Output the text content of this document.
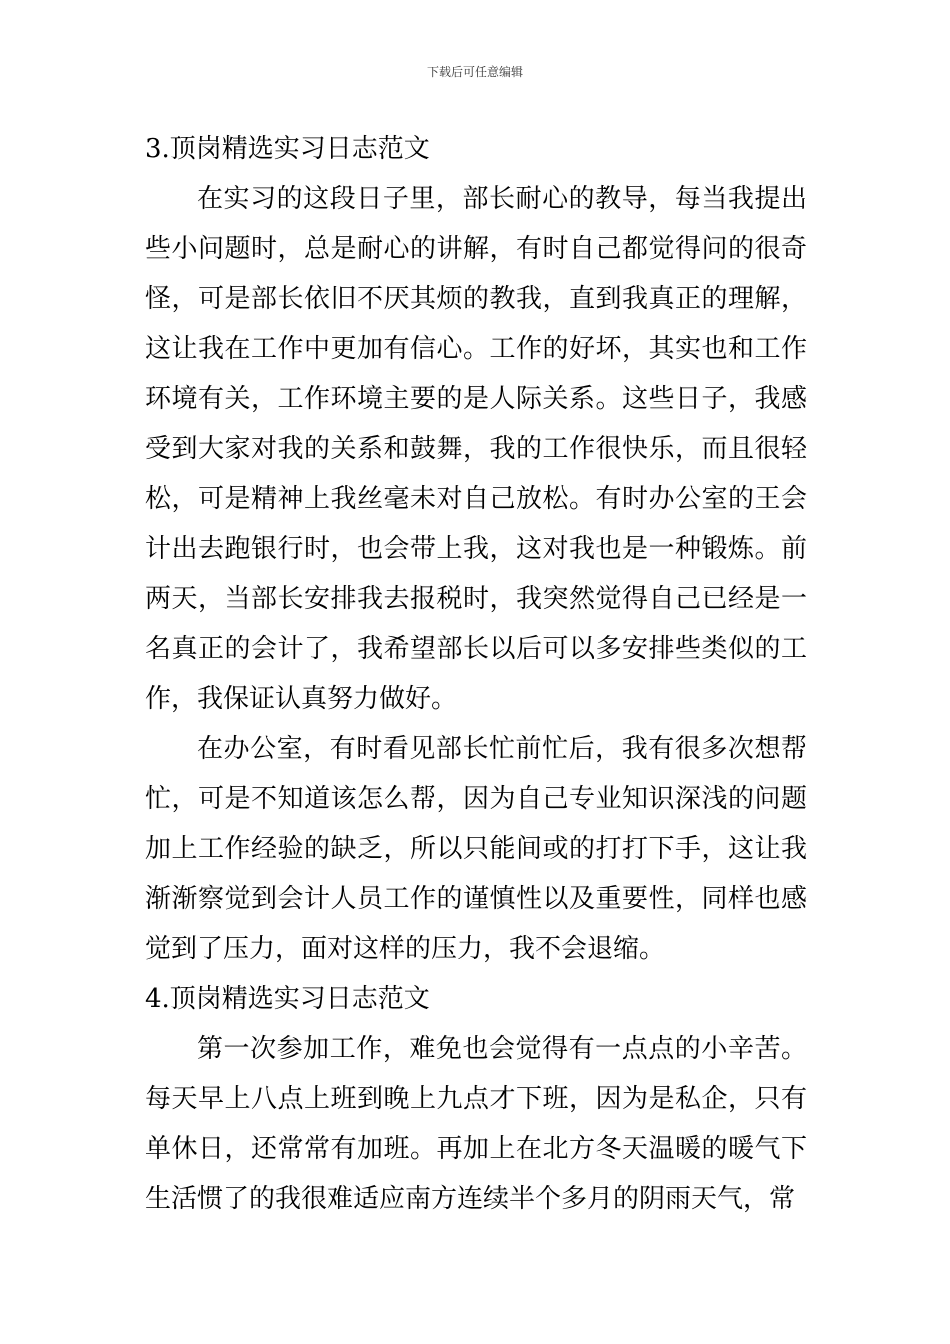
下载后可任意编辑
3.顶岗精选实习日志范文

在实习的这段日子里，部长耐心的教导，每当我提出些小问题时，总是耐心的讲解，有时自己都觉得问的很奇怪，可是部长依旧不厌其烦的教我，直到我真正的理解，这让我在工作中更加有信心。工作的好坏，其实也和工作环境有关，工作环境主要的是人际关系。这些日子，我感受到大家对我的关系和鼓舞，我的工作很快乐，而且很轻松，可是精神上我丝毫未对自己放松。有时办公室的王会计出去跑银行时，也会带上我，这对我也是一种锻炼。前两天，当部长安排我去报税时，我突然觉得自己已经是一名真正的会计了，我希望部长以后可以多安排些类似的工作，我保证认真努力做好。

在办公室，有时看见部长忙前忙后，我有很多次想帮忙，可是不知道该怎么帮，因为自己专业知识深浅的问题加上工作经验的缺乏，所以只能间或的打打下手，这让我渐渐察觉到会计人员工作的谨慎性以及重要性，同样也感觉到了压力，面对这样的压力，我不会退缩。

4.顶岗精选实习日志范文

第一次参加工作，难免也会觉得有一点点的小辛苦。每天早上八点上班到晚上九点才下班，因为是私企，只有单休日，还常常有加班。再加上在北方冬天温暖的暖气下生活惯了的我很难适应南方连续半个多月的阴雨天气，常
